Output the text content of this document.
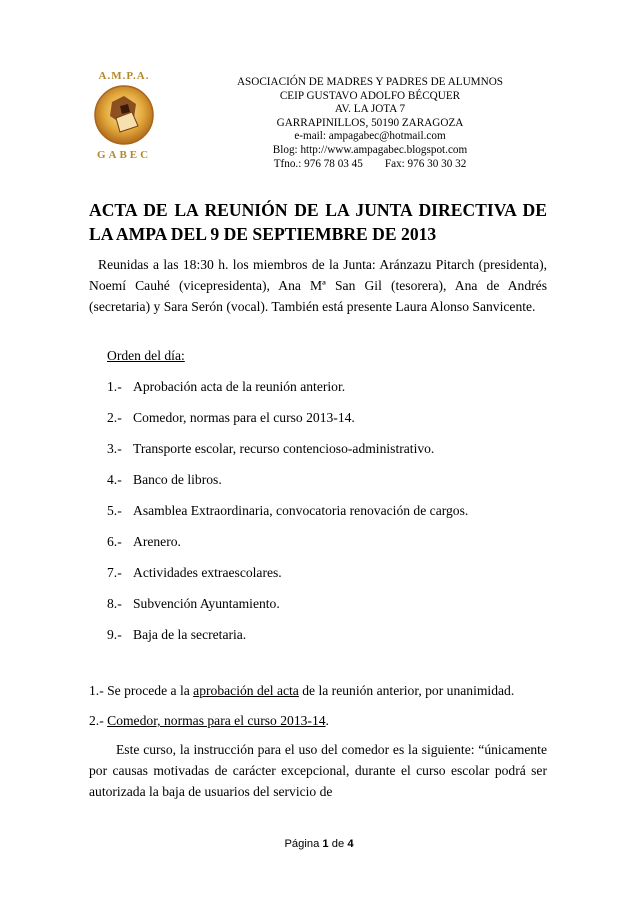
A.M.P.A.
GABEC
ASOCIACIÓN DE MADRES Y PADRES DE ALUMNOS
CEIP GUSTAVO ADOLFO BÉCQUER
AV. LA JOTA 7
GARRAPINILLOS, 50190 ZARAGOZA
e-mail: ampagabec@hotmail.com
Blog: http://www.ampagabec.blogspot.com
Tfno.: 976 78 03 45 Fax: 976 30 30 32
ACTA DE LA REUNIÓN DE LA JUNTA DIRECTIVA DE LA AMPA DEL 9 DE SEPTIEMBRE DE 2013

Reunidas a las 18:30 h. los miembros de la Junta: Aránzazu Pitarch (presidenta), Noemí Cauhé (vicepresidenta), Ana Mª San Gil (tesorera), Ana de Andrés (secretaria) y Sara Serón (vocal). También está presente Laura Alonso Sanvicente.

Orden del día:
1.- Aprobación acta de la reunión anterior.
2.- Comedor, normas para el curso 2013-14.
3.- Transporte escolar, recurso contencioso-administrativo.
4.- Banco de libros.
5.- Asamblea Extraordinaria, convocatoria renovación de cargos.
6.- Arenero.
7.- Actividades extraescolares.
8.- Subvención Ayuntamiento.
9.- Baja de la secretaria.

1.- Se procede a la aprobación del acta de la reunión anterior, por unanimidad.

2.- Comedor, normas para el curso 2013-14.

Este curso, la instrucción para el uso del comedor es la siguiente: “únicamente por causas motivadas de carácter excepcional, durante el curso escolar podrá ser autorizada la baja de usuarios del servicio de

Página 1 de 4
